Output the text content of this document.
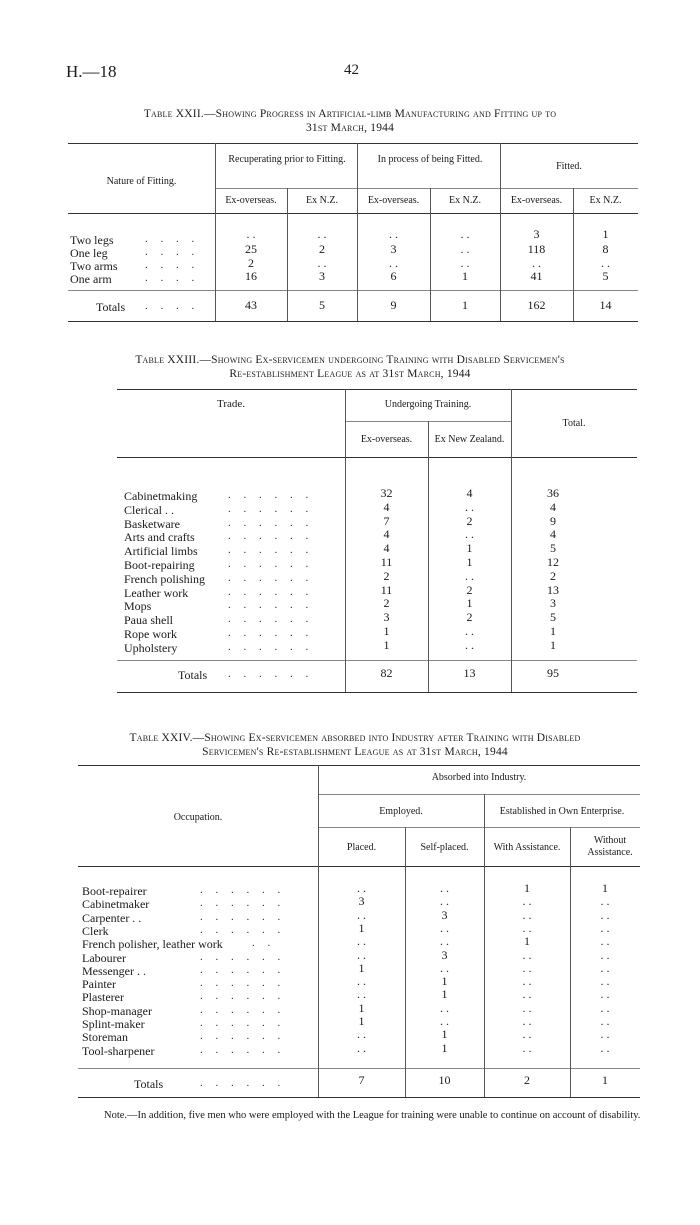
H.—18	42
Table XXII.—Showing Progress in Artificial-limb Manufacturing and Fitting up to
31st March, 1944
Nature of Fitting.
Recuperating prior to Fitting.	In process of being Fitted.
Fitted.
Ex-overseas.	Ex N.Z.	Ex-overseas.	Ex N.Z.	Ex-overseas.	Ex N.Z.
Two legs	. . . .	. .	. .	. .	. .	3	1
One leg	. . . .	25	2	3	. .	118	8
Two arms	. . . .	2	. .	. .	. .	. .	. .
One arm	. . . .	16	3	6	1	41	5
Totals . . . .	43	5	9	1	162	14
Table XXIII.—Showing Ex-servicemen undergoing Training with Disabled Servicemen's
Re-establishment League as at 31st March, 1944
Trade.	Undergoing Training.
Ex-overseas.	Ex New Zealand.
Total.
Cabinetmaking	. . . . . .	32	4	36
Clerical . .	. . . . . .	4	. .	4
Basketware	. . . . . .	7	2	9
Arts and crafts	. . . . . .	4	. .	4
Artificial limbs	. . . . . .	4	1	5
Boot-repairing	. . . . . .	11	1	12
French polishing . . . . . .	2	. .	2
Leather work	. . . . . .	11	2	13
Mops	. . . . . .	2	1	3
Paua shell	. . . . . .	3	2	5
Rope work	. . . . . .	1	. .	1
Upholstery	. . . . . .	1	. .	1
Totals . . . . . .	82	13	95
Table XXIV.—Showing Ex-servicemen absorbed into Industry after Training with Disabled
Servicemen's Re-establishment League as at 31st March, 1944
Occupation.
Absorbed into Industry.
Employed.	Established in Own Enterprise.
Placed.	Self-placed.	With Assistance.
Without Assistance.
Boot-repairer	. . . . . .	. .	. .	1	1
Cabinetmaker	. . . . . .	3	. .	. .	. .
Carpenter . .	. . . . . .	. .	3	. .	. .
Clerk	. . . . . .	1	. .	. .	. .
French polisher, leather work	. .	. .	. .	1	. .
Labourer	. . . . . .	. .	3	. .	. .
Messenger . .	. . . . . .	1	. .	. .	. .
Painter	. . . . . .	. .	1	. .	. .
Plasterer	. . . . . .	. .	1	. .	. .
Shop-manager	. . . . . .	1	. .	. .	. .
Splint-maker	. . . . . .	1	. .	. .	. .
Storeman	. . . . . .	. .	1	. .	. .
Tool-sharpener	. . . . . .	. .	1	. .	. .
Totals	. . . . . .	7	10	2	1
Note.—In addition, five men who were employed with the League for training were unable to continue on account of disability.
